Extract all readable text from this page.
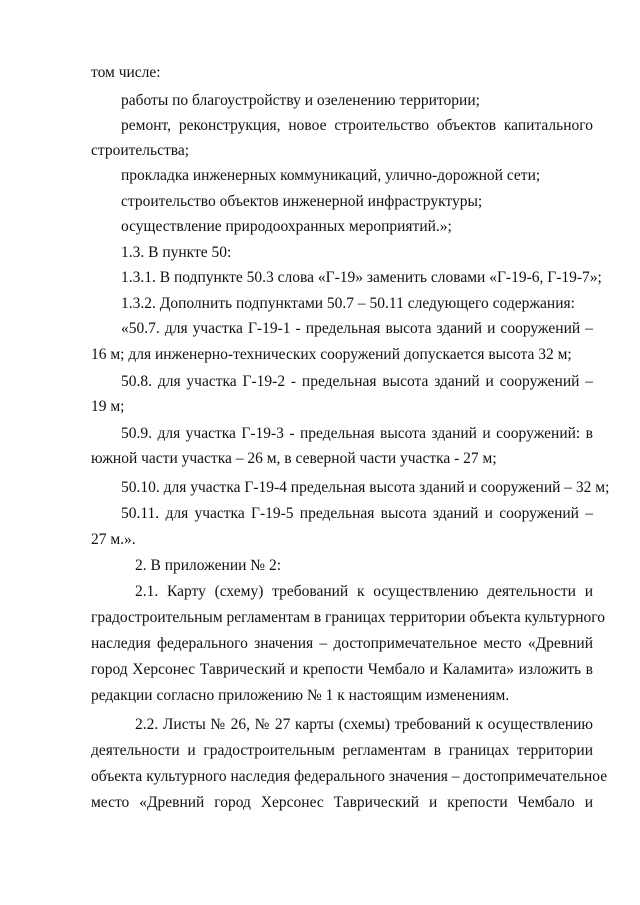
том числе:
работы по благоустройству и озеленению территории;
ремонт, реконструкция, новое строительство объектов капитального
строительства;
прокладка инженерных коммуникаций, улично-дорожной сети;
строительство объектов инженерной инфраструктуры;
осуществление природоохранных мероприятий.»;
1.3. В пункте 50:
1.3.1. В подпункте 50.3 слова «Г-19» заменить словами «Г-19-6, Г-19-7»;
1.3.2. Дополнить подпунктами 50.7 – 50.11 следующего содержания:
«50.7. для участка Г-19-1 - предельная высота зданий и сооружений –
16 м; для инженерно-технических сооружений допускается высота 32 м;
50.8. для участка Г-19-2 - предельная высота зданий и сооружений –
19 м;
50.9. для участка Г-19-3 - предельная высота зданий и сооружений: в
южной части участка – 26 м, в северной части участка - 27 м;
50.10. для участка Г-19-4 предельная высота зданий и сооружений – 32 м;
50.11. для участка Г-19-5 предельная высота зданий и сооружений –
27 м.».
2. В приложении № 2:
2.1. Карту (схему) требований к осуществлению деятельности и
градостроительным регламентам в границах территории объекта культурного
наследия федерального значения – достопримечательное место «Древний
город Херсонес Таврический и крепости Чембало и Каламита» изложить в
редакции согласно приложению № 1 к настоящим изменениям.
2.2. Листы № 26, № 27 карты (схемы) требований к осуществлению
деятельности и градостроительным регламентам в границах территории
объекта культурного наследия федерального значения – достопримечательное
место «Древний город Херсонес Таврический и крепости Чембало и
